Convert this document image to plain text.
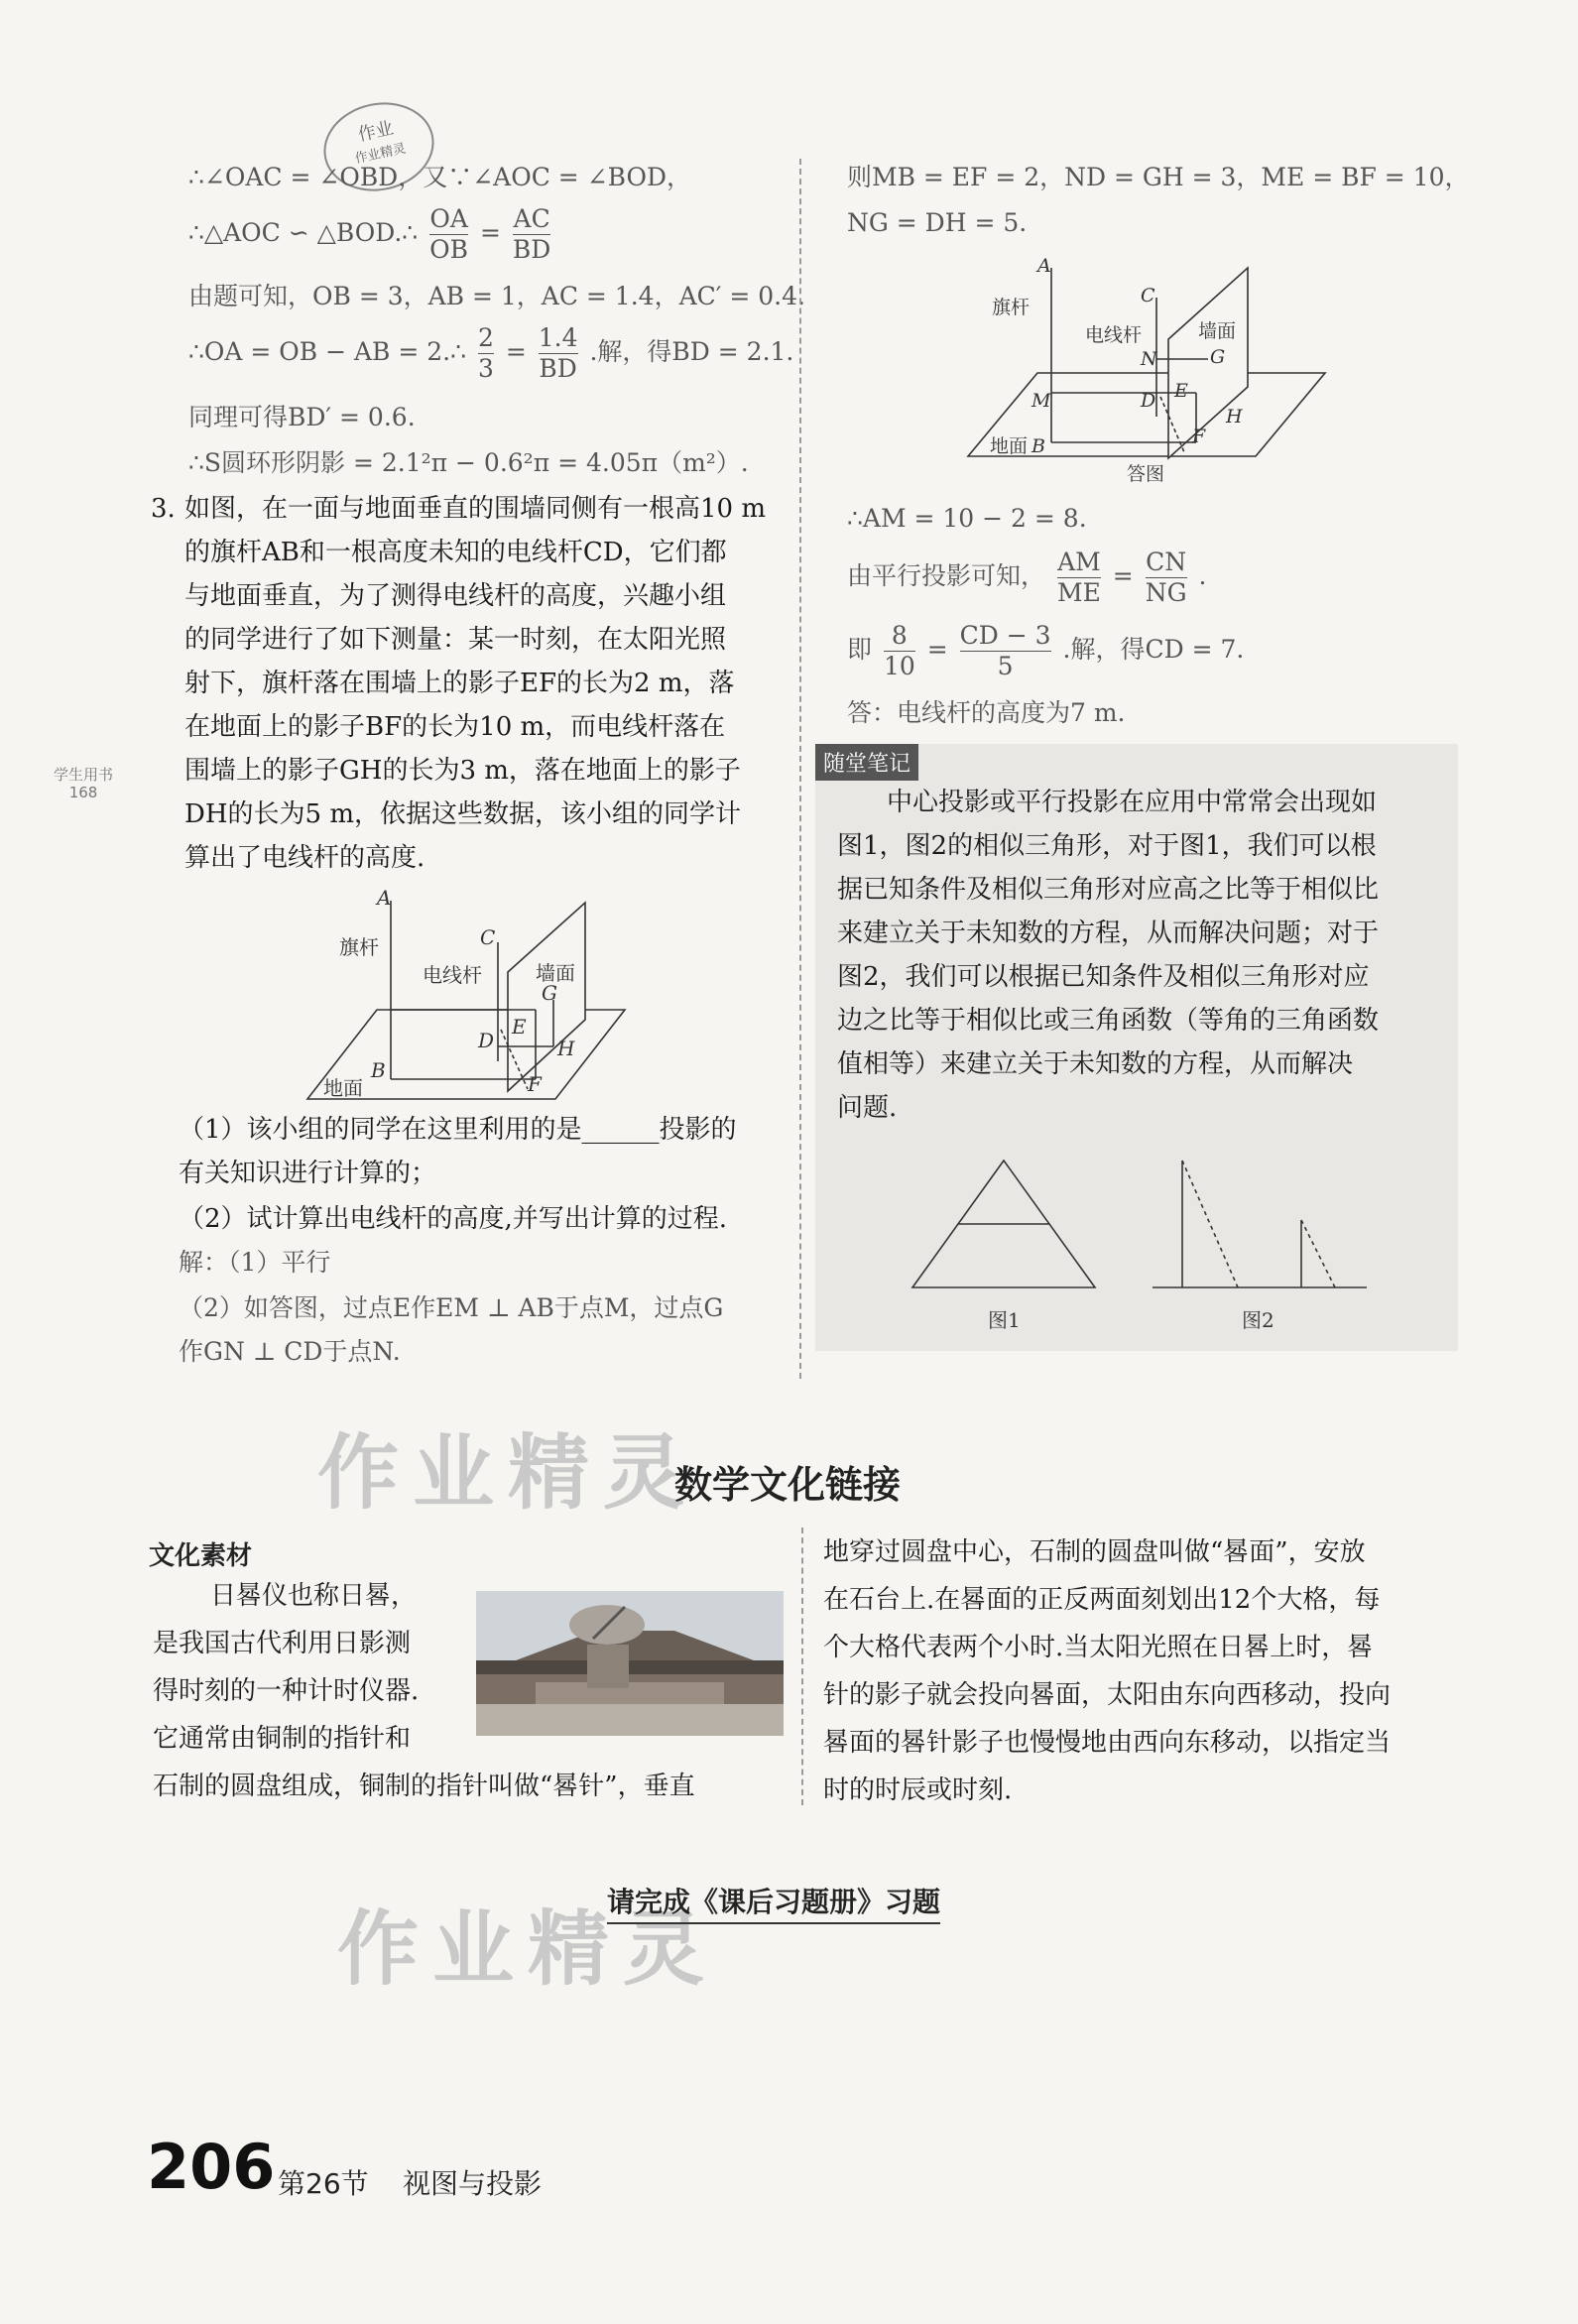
作业
作业精灵
∴∠OAC = ∠OBD，又∵∠AOC = ∠BOD，
∴△AOC ∽ △BOD.∴ $\frac{OA}{OB} = \frac{AC}{BD}$
由题可知，OB = 3，AB = 1，AC = 1.4，AC′ = 0.4.
∴OA = OB − AB = 2.∴ $\frac{2}{3} = \frac{1.4}{BD}$ .解，得BD = 2.1.
同理可得BD′ = 0.6.
∴S圆环形阴影 = 2.1²π − 0.6²π = 4.05π（m²）.
3. 如图，在一面与地面垂直的围墙同侧有一根高10 m
的旗杆AB和一根高度未知的电线杆CD，它们都
与地面垂直，为了测得电线杆的高度，兴趣小组
的同学进行了如下测量：某一时刻，在太阳光照
射下，旗杆落在围墙上的影子EF的长为2 m，落
在地面上的影子BF的长为10 m，而电线杆落在
围墙上的影子GH的长为3 m，落在地面上的影子
DH的长为5 m，依据这些数据，该小组的同学计
算出了电线杆的高度.
学生用书
168
A
B
C
D
E
F
G
H
旗杆
电线杆	墙面
地面
（1）该小组的同学在这里利用的是______投影的
有关知识进行计算的；
（2）试计算出电线杆的高度,并写出计算的过程.
解：（1）平行
（2）如答图，过点E作EM ⊥ AB于点M，过点G
作GN ⊥ CD于点N.
则MB = EF = 2，ND = GH = 3，ME = BF = 10，
NG = DH = 5.
A
M
B
C
N
D E
G
H
F
旗杆
电线杆	墙面
地面
答图
∴AM = 10 − 2 = 8.
由平行投影可知， $\frac{AM}{ME} = \frac{CN}{NG}$ .
即 $\frac{8}{10} = \frac{CD - 3}{5}$ .解，得CD = 7.
答：电线杆的高度为7 m.
随堂笔记
中心投影或平行投影在应用中常常会出现如
图1，图2的相似三角形，对于图1，我们可以根
据已知条件及相似三角形对应高之比等于相似比
来建立关于未知数的方程，从而解决问题；对于
图2，我们可以根据已知条件及相似三角形对应
边之比等于相似比或三角函数（等角的三角函数
值相等）来建立关于未知数的方程，从而解决
问题.
图1	图2
作业精灵
数学文化链接
文化素材
日晷仪也称日晷，
是我国古代利用日影测
得时刻的一种计时仪器.
它通常由铜制的指针和
石制的圆盘组成，铜制的指针叫做“晷针”，垂直
地穿过圆盘中心，石制的圆盘叫做“晷面”，安放
在石台上.在晷面的正反两面刻划出12个大格，每
个大格代表两个小时.当太阳光照在日晷上时，晷
针的影子就会投向晷面，太阳由东向西移动，投向
晷面的晷针影子也慢慢地由西向东移动，以指定当
时的时辰或时刻.
作业精灵
请完成《课后习题册》习题
206 第26节 视图与投影
